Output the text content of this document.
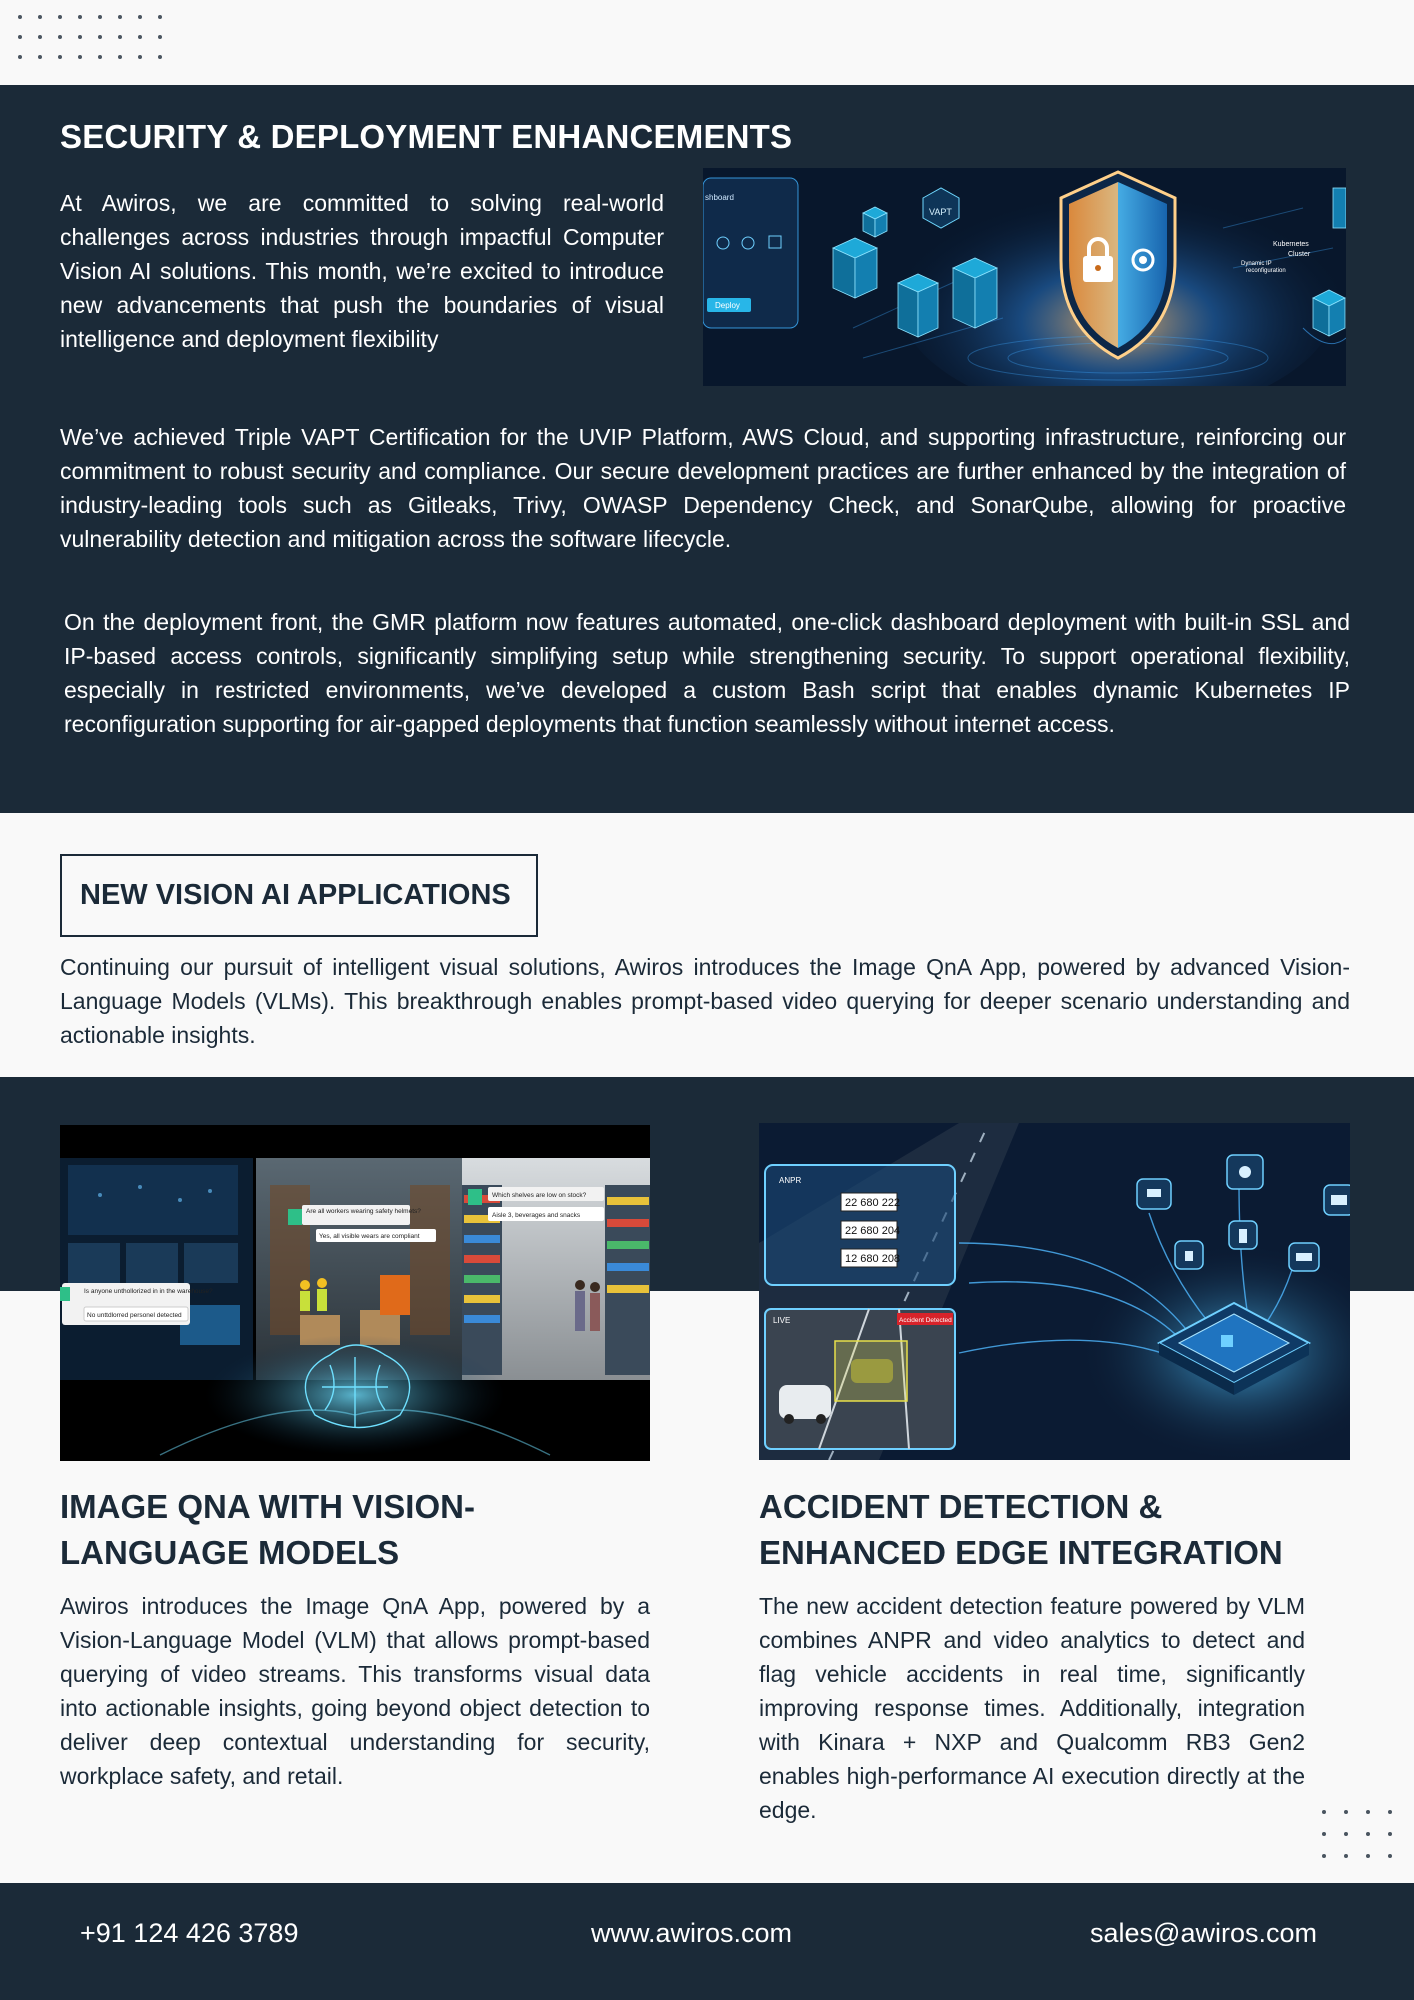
SECURITY & DEPLOYMENT ENHANCEMENTS

At Awiros, we are committed to solving real-world challenges across industries through impactful Computer Vision AI solutions. This month, we’re excited to introduce new advancements that push the boundaries of visual intelligence and deployment flexibility

shboard
Deploy
VAPT
Kubernetes
Cluster
Dynamic IP
reconfiguration

We’ve achieved Triple VAPT Certification for the UVIP Platform, AWS Cloud, and supporting infrastructure, reinforcing our commitment to robust security and compliance. Our secure development practices are further enhanced by the integration of industry-leading tools such as Gitleaks, Trivy, OWASP Dependency Check, and SonarQube, allowing for proactive vulnerability detection and mitigation across the software lifecycle.

On the deployment front, the GMR platform now features automated, one-click dashboard deployment with built-in SSL and IP-based access controls, significantly simplifying setup while strengthening security. To support operational flexibility, especially in restricted environments, we’ve developed a custom Bash script that enables dynamic Kubernetes IP reconfiguration supporting for air-gapped deployments that function seamlessly without internet access.

NEW VISION AI APPLICATIONS

Continuing our pursuit of intelligent visual solutions, Awiros introduces the Image QnA App, powered by advanced Vision-Language Models (VLMs). This breakthrough enables prompt-based video querying for deeper scenario understanding and actionable insights.

Is anyone unthollorized in in the warehouse?
No unttdlorred personel detected
Are all workers wearing safety helmets?
Yes, all visible wears are compliant
Which shelves are low on stock?
Aisle 3, beverages and snacks
ANPR
22 680 222
22 680 204
12 680 208
LIVE	Accident Detected
IMAGE QNA WITH VISION-LANGUAGE MODELS

Awiros introduces the Image QnA App, powered by a Vision-Language Model (VLM) that allows prompt-based querying of video streams. This transforms visual data into actionable insights, going beyond object detection to deliver deep contextual understanding for security, workplace safety, and retail.

ACCIDENT DETECTION & ENHANCED EDGE INTEGRATION

The new accident detection feature powered by VLM combines ANPR and video analytics to detect and flag vehicle accidents in real time, significantly improving response times. Additionally, integration with Kinara + NXP and Qualcomm RB3 Gen2 enables high-performance AI execution directly at the edge.

+91 124 426 3789	www.awiros.com	sales@awiros.com
